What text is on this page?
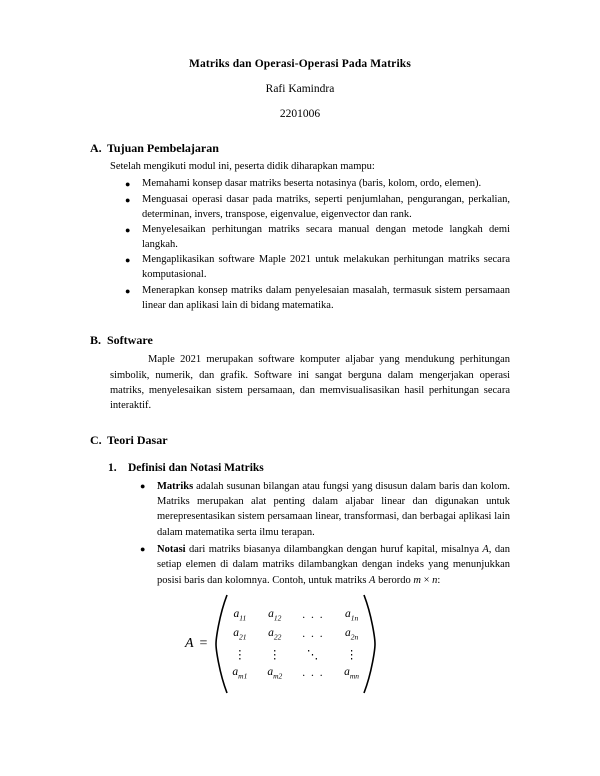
Matriks dan Operasi-Operasi Pada Matriks
Rafi Kamindra
2201006
A. Tujuan Pembelajaran
Setelah mengikuti modul ini, peserta didik diharapkan mampu:
● Memahami konsep dasar matriks beserta notasinya (baris, kolom, ordo, elemen).
● Menguasai operasi dasar pada matriks, seperti penjumlahan, pengurangan, perkalian, determinan, invers, transpose, eigenvalue, eigenvector dan rank.
● Menyelesaikan perhitungan matriks secara manual dengan metode langkah demi langkah.
● Mengaplikasikan software Maple 2021 untuk melakukan perhitungan matriks secara komputasional.
● Menerapkan konsep matriks dalam penyelesaian masalah, termasuk sistem persamaan linear dan aplikasi lain di bidang matematika.
B. Software

Maple 2021 merupakan software komputer aljabar yang mendukung perhitungan simbolik, numerik, dan grafik. Software ini sangat berguna dalam mengerjakan operasi matriks, menyelesaikan sistem persamaan, dan memvisualisasikan hasil perhitungan secara interaktif.

C. Teori Dasar
1. Definisi dan Notasi Matriks
● Matriks adalah susunan bilangan atau fungsi yang disusun dalam baris dan kolom. Matriks merupakan alat penting dalam aljabar linear dan digunakan untuk merepresentasikan sistem persamaan linear, transformasi, dan berbagai aplikasi lain dalam matematika serta ilmu terapan.
● Notasi dari matriks biasanya dilambangkan dengan huruf kapital, misalnya A, dan setiap elemen di dalam matriks dilambangkan dengan indeks yang menunjukkan posisi baris dan kolomnya. Contoh, untuk matriks A berordo m × n:
A =
$a_{11}$ $a_{12}$ . . . $a_{1n}$
$a_{21}$ $a_{22}$ . . . $a_{2n}$
⋮ ⋮ ⋱ ⋮
$a_{m1}$ $a_{m2}$ . . . $a_{mn}$
